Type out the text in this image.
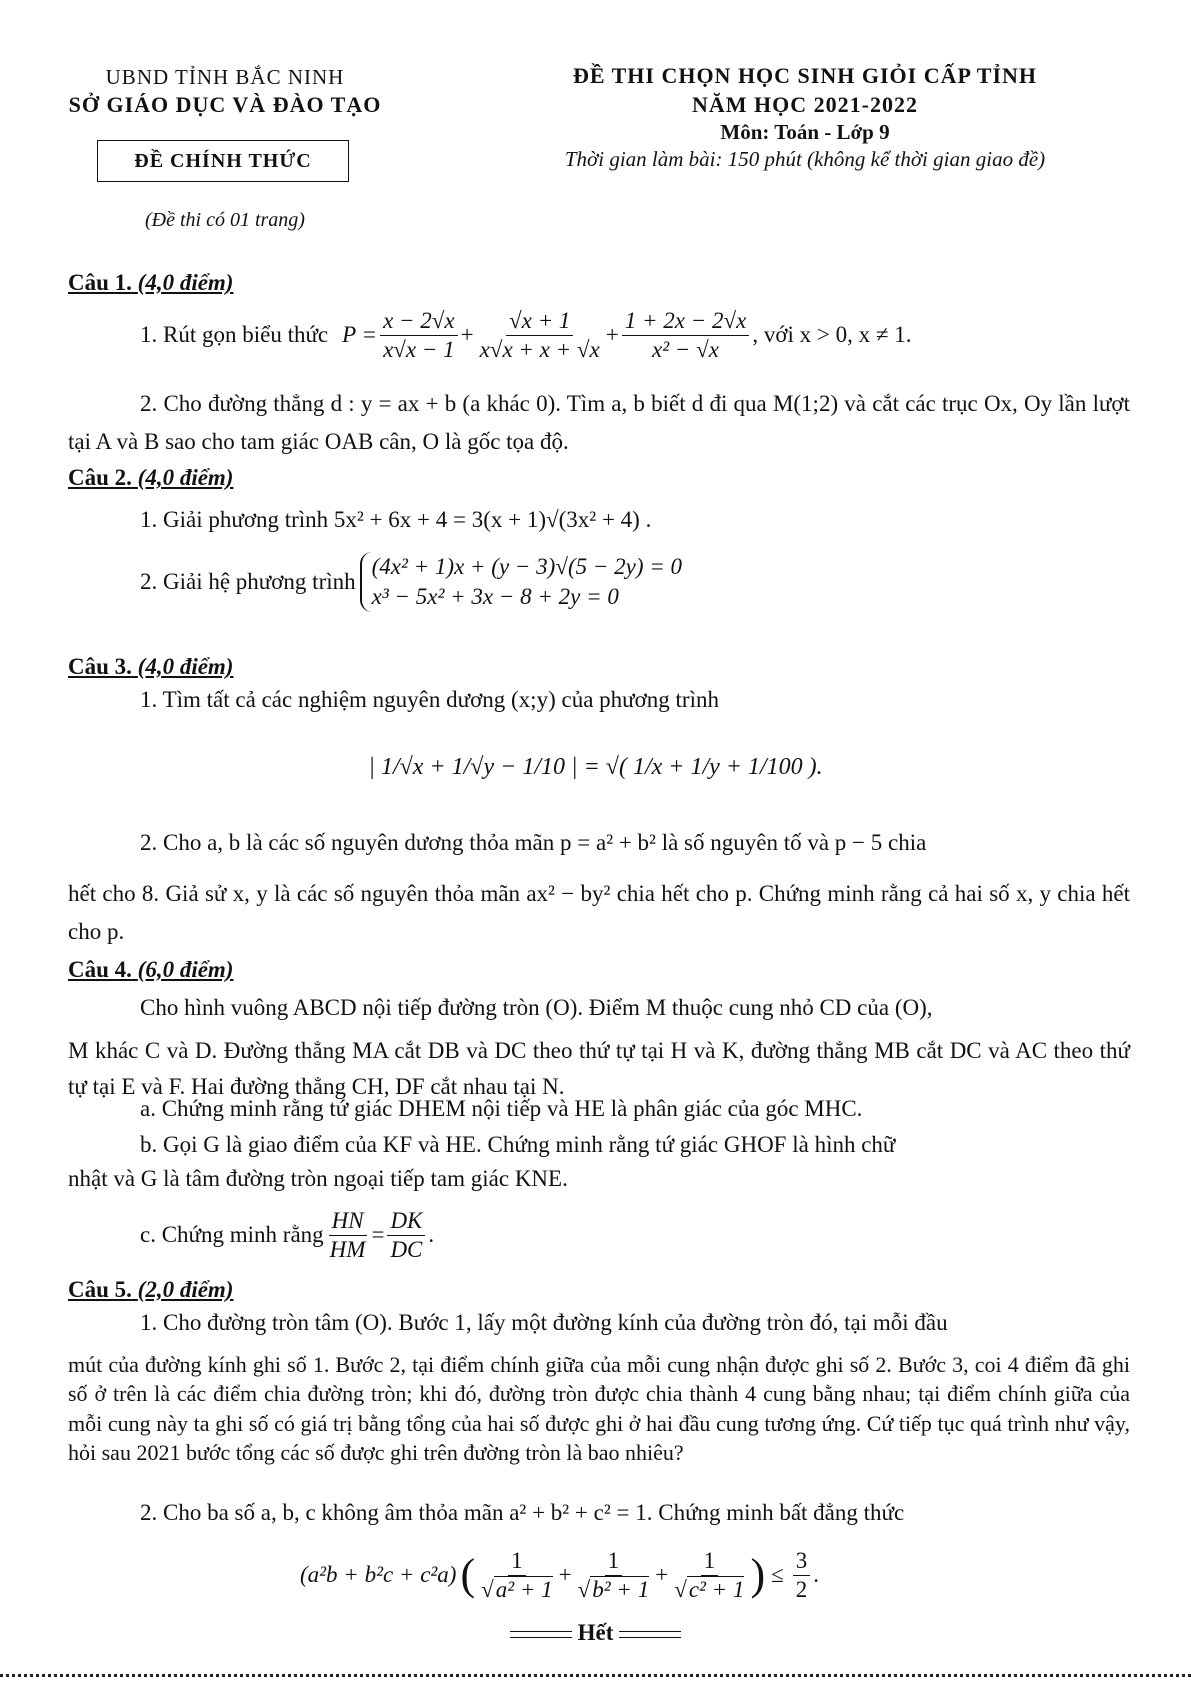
UBND TỈNH BẮC NINH
SỞ GIÁO DỤC VÀ ĐÀO TẠO
ĐỀ CHÍNH THỨC
(Đề thi có 01 trang)
ĐỀ THI CHỌN HỌC SINH GIỎI CẤP TỈNH
NĂM HỌC 2021-2022
Môn: Toán - Lớp 9
Thời gian làm bài: 150 phút (không kể thời gian giao đề)
Câu 1. (4,0 điểm)
1. Rút gọn biểu thức $P = \frac{x - 2√x}{x√x - 1} + \frac{√x + 1}{x√x + x + √x} + \frac{1 + 2x - 2√x}{\text{x² − √x}}$ , với x > 0, x ≠ 1.
2. Cho đường thẳng d : y = ax + b (a khác 0). Tìm a, b biết d đi qua M(1;2) và cắt các trục Ox, Oy lần lượt tại A và B sao cho tam giác OAB cân, O là gốc tọa độ.
Câu 2. (4,0 điểm)
1. Giải phương trình 5x² + 6x + 4 = 3(x + 1)√(3x² + 4) .
2. Giải hệ phương trình
(4x² + 1)x + (y − 3)√(5 − 2y) = 0
x³ − 5x² + 3x − 8 + 2y = 0
Câu 3. (4,0 điểm)
1. Tìm tất cả các nghiệm nguyên dương (x;y) của phương trình
| 1/√x + 1/√y − 1/10 | = √( 1/x + 1/y + 1/100 ).
2. Cho a, b là các số nguyên dương thỏa mãn p = a² + b² là số nguyên tố và p − 5 chia
hết cho 8. Giả sử x, y là các số nguyên thỏa mãn ax² − by² chia hết cho p. Chứng minh rằng cả hai số x, y chia hết cho p.
Câu 4. (6,0 điểm)
Cho hình vuông ABCD nội tiếp đường tròn (O). Điểm M thuộc cung nhỏ CD của (O),
M khác C và D. Đường thẳng MA cắt DB và DC theo thứ tự tại H và K, đường thẳng MB cắt DC và AC theo thứ tự tại E và F. Hai đường thẳng CH, DF cắt nhau tại N.
a. Chứng minh rằng tứ giác DHEM nội tiếp và HE là phân giác của góc MHC.
b. Gọi G là giao điểm của KF và HE. Chứng minh rằng tứ giác GHOF là hình chữ
nhật và G là tâm đường tròn ngoại tiếp tam giác KNE.
c. Chứng minh rằng $\frac{HN}{HM} = \frac{DK}{DC}$ .
Câu 5. (2,0 điểm)
1. Cho đường tròn tâm (O). Bước 1, lấy một đường kính của đường tròn đó, tại mỗi đầu
mút của đường kính ghi số 1. Bước 2, tại điểm chính giữa của mỗi cung nhận được ghi số 2. Bước 3, coi 4 điểm đã ghi số ở trên là các điểm chia đường tròn; khi đó, đường tròn được chia thành 4 cung bằng nhau; tại điểm chính giữa của mỗi cung này ta ghi số có giá trị bằng tổng của hai số được ghi ở hai đầu cung tương ứng. Cứ tiếp tục quá trình như vậy, hỏi sau 2021 bước tổng các số được ghi trên đường tròn là bao nhiêu?
2. Cho ba số a, b, c không âm thỏa mãn a² + b² + c² = 1. Chứng minh bất đẳng thức
(a²b + b²c + c²a) ( $\frac{1}{\text{√a² + 1}} + \frac{1}{\text{√b² + 1}} + \frac{1}{\text{√c² + 1}}$ ) ≤ $\frac{3}{2}$ .
Hết
